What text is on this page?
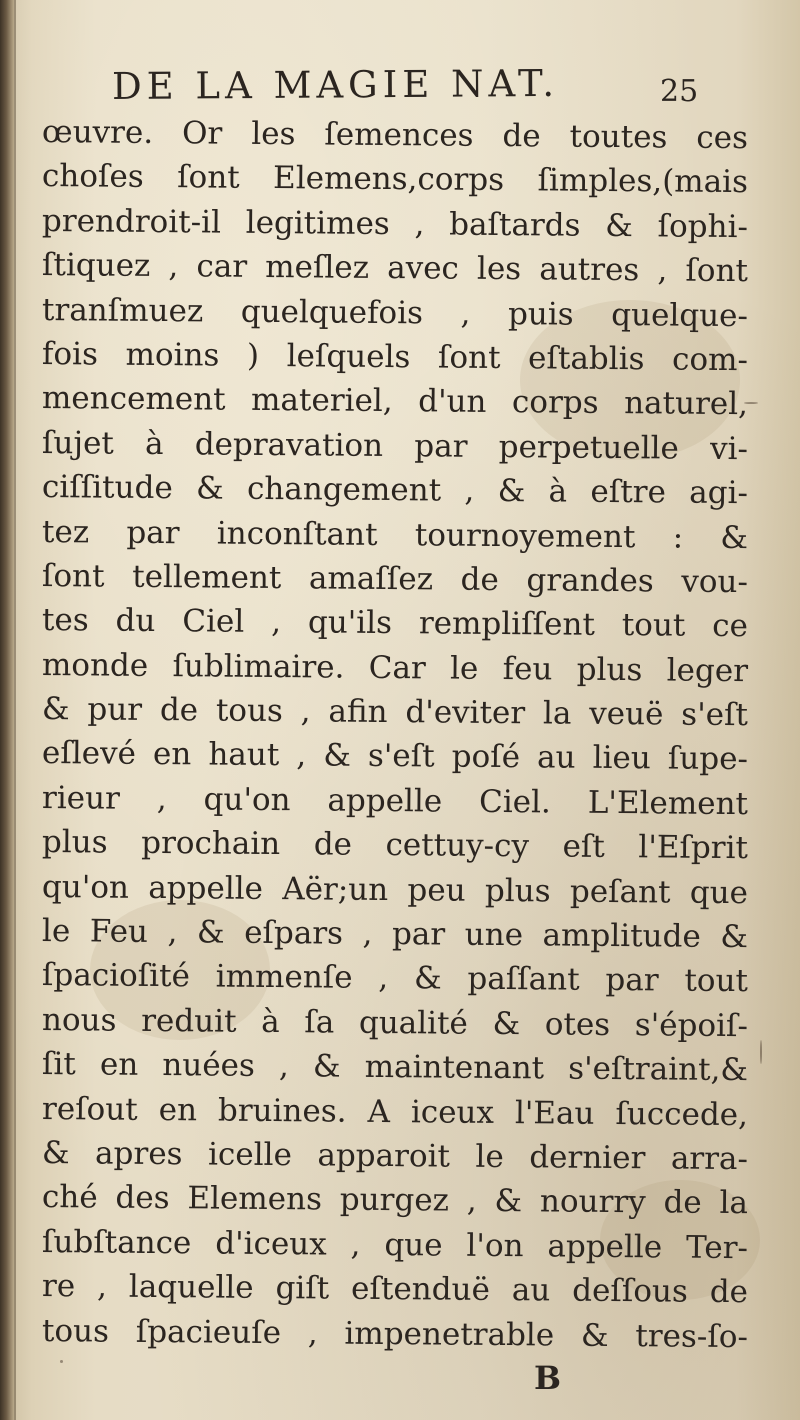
DE LA MAGIE NAT.	25
œuvre. Or les ſemences de toutes ces
choſes ſont Elemens,corps ſimples,(mais
prendroit-il legitimes , baſtards & ſophi-
ſtiquez , car meſlez avec les autres , ſont
tranſmuez quelquefois , puis quelque-
fois moins ) leſquels ſont eſtablis com-
mencement materiel, d'un corps naturel,
ſujet à depravation par perpetuelle vi-
ciſſitude & changement , & à eſtre agi-
tez par inconſtant tournoyement : &
ſont tellement amaſſez de grandes vou-
tes du Ciel , qu'ils rempliſſent tout ce
monde ſublimaire. Car le feu plus leger
& pur de tous , afin d'eviter la veuë s'eſt
eſlevé en haut , & s'eſt poſé au lieu ſupe-
rieur , qu'on appelle Ciel. L'Element
plus prochain de cettuy-cy eſt l'Eſprit
qu'on appelle Aër;un peu plus peſant que
le Feu , & eſpars , par une amplitude &
ſpacioſité immenſe , & paſſant par tout
nous reduit à ſa qualité & otes s'époiſ-
ſit en nuées , & maintenant s'eſtraint,&
reſout en bruines. A iceux l'Eau ſuccede,
& apres icelle apparoit le dernier arra-
ché des Elemens purgez , & nourry de la
ſubſtance d'iceux , que l'on appelle Ter-
re , laquelle giſt eſtenduë au deſſous de
tous ſpacieuſe , impenetrable & tres-ſo-
B
